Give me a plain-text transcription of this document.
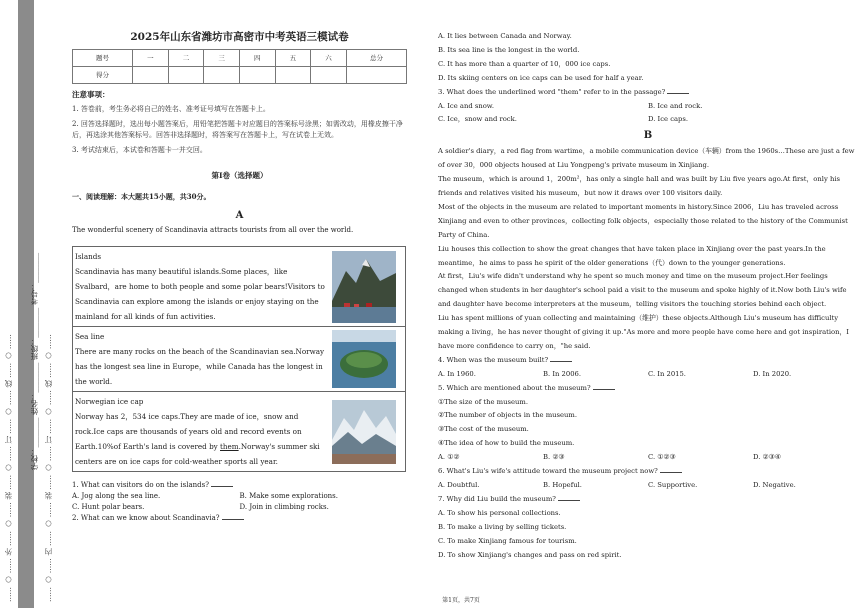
…… ○ …… 外 …… ○ …… 装 …… ○ …… 订 …… ○ …… 线 …… ○ ……	…… ○ …… 内 …… ○ …… 装 …… ○ …… 订 …… ○ …… 线 …… ○ ……
学校：________ 姓名：________ 班级：________ 考号：________
2025年山东省潍坊市高密市中考英语三模试卷
题号	一	二	三	四	五	六	总分
得分							
注意事项：

1. 答卷前，考生务必将自己的姓名、准考证号填写在答题卡上。

2. 回答选择题时，选出每小题答案后，用铅笔把答题卡对应题目的答案标号涂黑；如需改动，用橡皮擦干净后，再选涂其他答案标号。回答非选择题时，将答案写在答题卡上，写在试卷上无效。

3. 考试结束后，本试卷和答题卡一并交回。

第I卷（选择题）
一、阅读理解：本大题共15小题，共30分。
A
The wonderful scenery of Scandinavia attracts tourists from all over the world.
Islands
Scandinavia has many beautiful islands.Some places，like Svalbard，are home to both people and some polar bears!Visitors to Scandinavia can explore among the islands or enjoy staying on the mainland for all kinds of fun activities.
Sea line
There are many rocks on the beach of the Scandinavian sea.Norway has the longest sea line in Europe，while Canada has the longest in the world.
Norwegian ice cap
Norway has 2，534 ice caps.They are made of ice，snow and rock.Ice caps are thousands of years old and record events on Earth.10%of Earth's land is covered by them.Norway's summer ski centers are on ice caps for cold-weather sports all year.
1. What can visitors do on the islands?
A. Jog along the sea line.	B. Make some explorations.
C. Hunt polar bears.	D. Join in climbing rocks.
2. What can we know about Scandinavia?

A. It lies between Canada and Norway.

B. Its sea line is the longest in the world.

C. It has more than a quarter of 10，000 ice caps.

D. Its skiing centers on ice caps can be used for half a year.

3. What does the underlined word "them" refer to in the passage?
A. Ice and snow.	B. Ice and rock.
C. Ice，snow and rock.	D. Ice caps.
B
A soldier's diary，a red flag from wartime，a mobile communication device（车辆）from the 1960s…These are just a few of over 30，000 objects housed at Liu Yongpeng's private museum in Xinjiang.
The museum，which is around 1，200m²，has only a single hall and was built by Liu five years ago.At first，only his friends and relatives visited his museum，but now it draws over 100 visitors daily.
Most of the objects in the museum are related to important moments in history.Since 2006，Liu has traveled across Xinjiang and even to other provinces，collecting folk objects，especially those related to the history of the Communist Party of China.
Liu houses this collection to show the great changes that have taken place in Xinjiang over the past years.In the meantime，he aims to pass he spirit of the older generations（代）down to the younger generations.
At first，Liu's wife didn't understand why he spent so much money and time on the museum project.Her feelings changed when students in her daughter's school paid a visit to the museum and spoke highly of it.Now both Liu's wife and daughter have become interpreters at the museum，telling visitors the touching stories behind each object.
Liu has spent millions of yuan collecting and maintaining（维护）these objects.Although Liu's museum has difficulty making a living，he has never thought of giving it up."As more and more people have come here and got inspiration，I have more confidence to carry on，"he said.
4. When was the museum built?
A. In 1960.	B. In 2006.	C. In 2015.	D. In 2020.
5. Which are mentioned about the museum?
①The size of the museum.
②The number of objects in the museum.
③The cost of the museum.
④The idea of how to build the museum.
A. ①②	B. ②③	C. ①②③	D. ②③④
6. What's Liu's wife's attitude toward the museum project now?
A. Doubtful.	B. Hopeful.	C. Supportive.	D. Negative.
7. Why did Liu build the museum?
A. To show his personal collections.
B. To make a living by selling tickets.
C. To make Xinjiang famous for tourism.
D. To show Xinjiang's changes and pass on red spirit.
第1页，共7页
